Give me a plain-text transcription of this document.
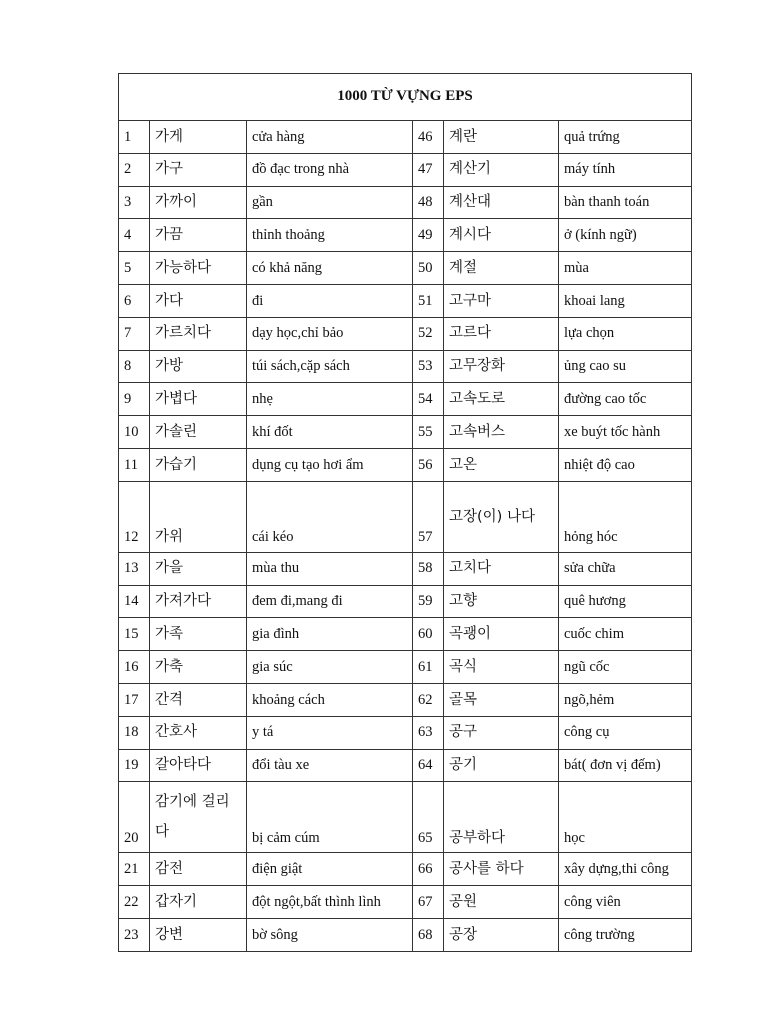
1000 TỪ VỰNG EPS					
1	가게	cửa hàng	46	계란	quả trứng
2	가구	đồ đạc trong nhà	47	계산기	máy tính
3	가까이	gần	48	계산대	bàn thanh toán
4	가끔	thỉnh thoảng	49	계시다	ở (kính ngữ)
5	가능하다	có khả năng	50	계절	mùa
6	가다	đi	51	고구마	khoai lang
7	가르치다	dạy học,chỉ bảo	52	고르다	lựa chọn
8	가방	túi sách,cặp sách	53	고무장화	ủng cao su
9	가볍다	nhẹ	54	고속도로	đường cao tốc
10	가솔린	khí đốt	55	고속버스	xe buýt tốc hành
11	가습기	dụng cụ tạo hơi ẩm	56	고온	nhiệt độ cao
12	가위	cái kéo	57	고장(이) 나다	hỏng hóc
13	가을	mùa thu	58	고치다	sửa chữa
14	가져가다	đem đi,mang đi	59	고향	quê hương
15	가족	gia đình	60	곡괭이	cuốc chim
16	가축	gia súc	61	곡식	ngũ cốc
17	간격	khoảng cách	62	골목	ngõ,hẻm
18	간호사	y tá	63	공구	công cụ
19	갈아타다	đổi tàu xe	64	공기	bát( đơn vị đếm)
20	감기에 걸리다	bị cảm cúm	65	공부하다	học
21	감전	điện giật	66	공사를 하다	xây dựng,thi công
22	갑자기	đột ngột,bất thình lình	67	공원	công viên
23	강변	bờ sông	68	공장	công trường
